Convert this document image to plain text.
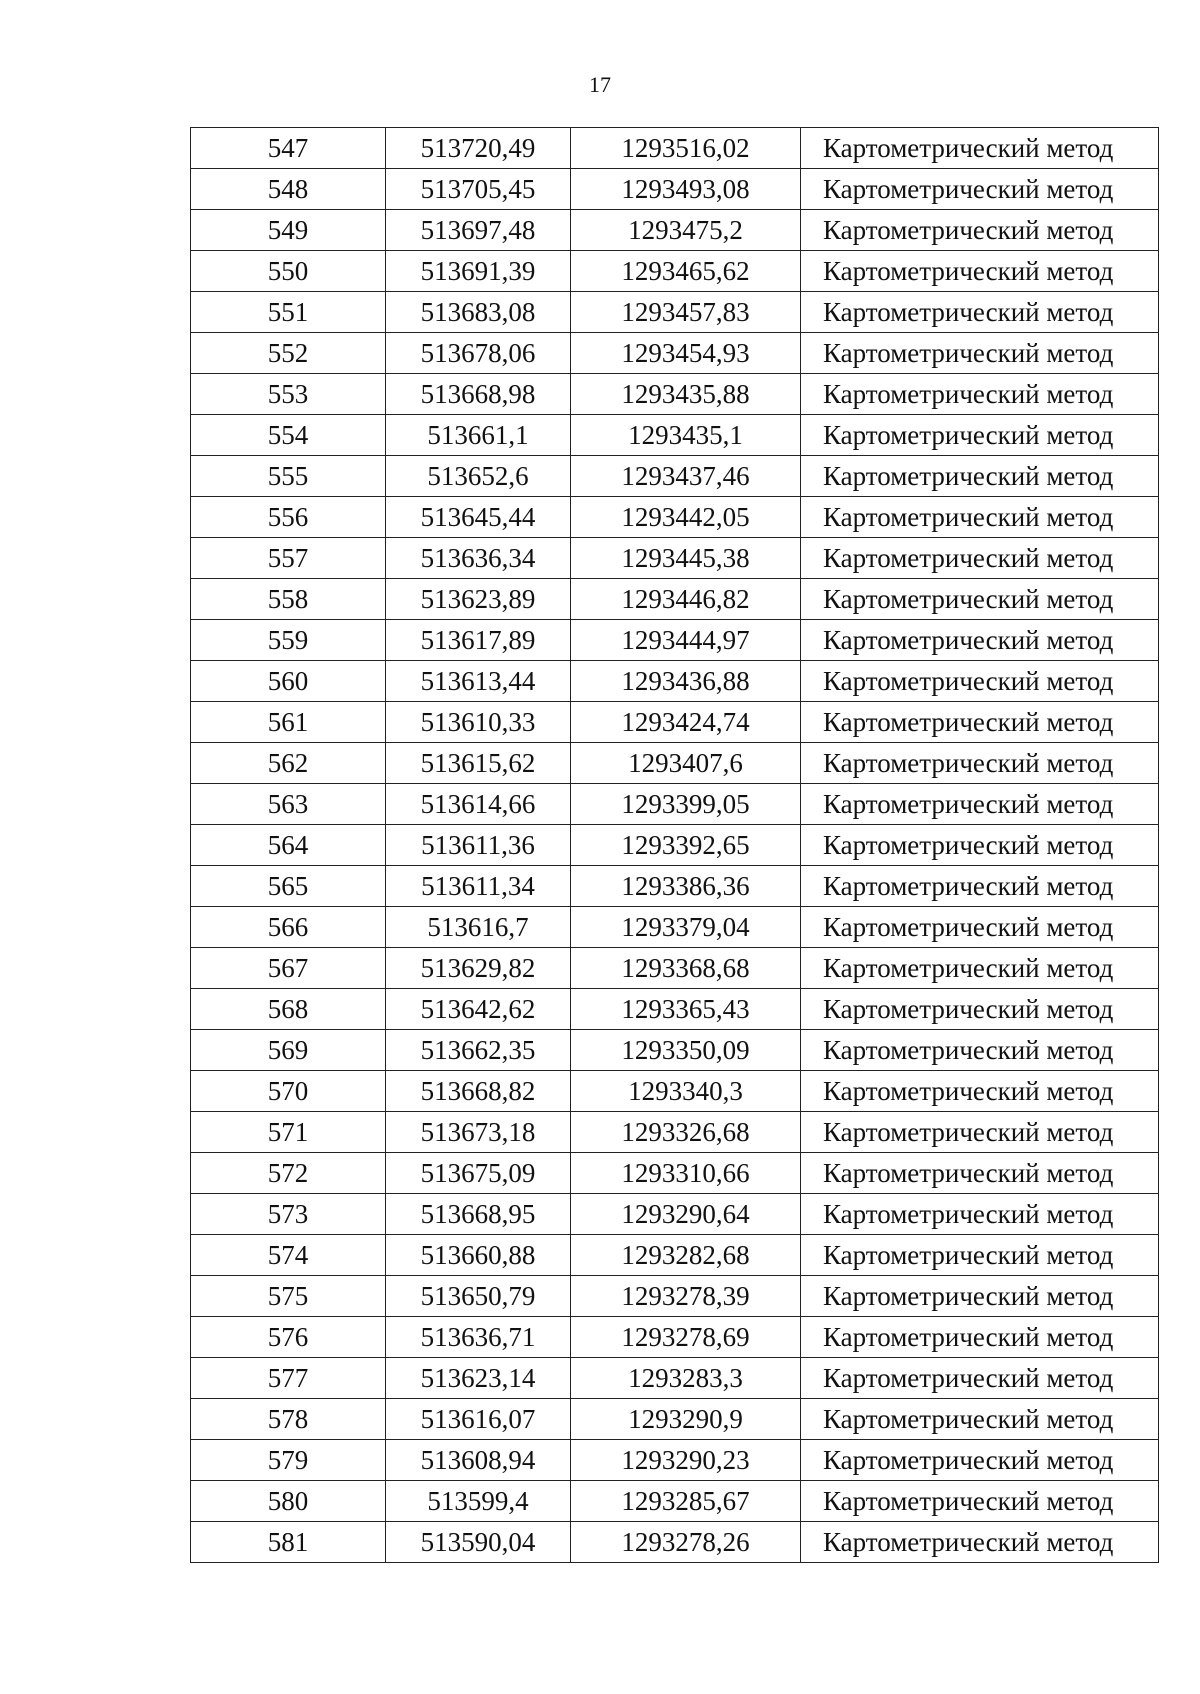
17
547	513720,49	1293516,02	Картометрический метод
548	513705,45	1293493,08	Картометрический метод
549	513697,48	1293475,2	Картометрический метод
550	513691,39	1293465,62	Картометрический метод
551	513683,08	1293457,83	Картометрический метод
552	513678,06	1293454,93	Картометрический метод
553	513668,98	1293435,88	Картометрический метод
554	513661,1	1293435,1	Картометрический метод
555	513652,6	1293437,46	Картометрический метод
556	513645,44	1293442,05	Картометрический метод
557	513636,34	1293445,38	Картометрический метод
558	513623,89	1293446,82	Картометрический метод
559	513617,89	1293444,97	Картометрический метод
560	513613,44	1293436,88	Картометрический метод
561	513610,33	1293424,74	Картометрический метод
562	513615,62	1293407,6	Картометрический метод
563	513614,66	1293399,05	Картометрический метод
564	513611,36	1293392,65	Картометрический метод
565	513611,34	1293386,36	Картометрический метод
566	513616,7	1293379,04	Картометрический метод
567	513629,82	1293368,68	Картометрический метод
568	513642,62	1293365,43	Картометрический метод
569	513662,35	1293350,09	Картометрический метод
570	513668,82	1293340,3	Картометрический метод
571	513673,18	1293326,68	Картометрический метод
572	513675,09	1293310,66	Картометрический метод
573	513668,95	1293290,64	Картометрический метод
574	513660,88	1293282,68	Картометрический метод
575	513650,79	1293278,39	Картометрический метод
576	513636,71	1293278,69	Картометрический метод
577	513623,14	1293283,3	Картометрический метод
578	513616,07	1293290,9	Картометрический метод
579	513608,94	1293290,23	Картометрический метод
580	513599,4	1293285,67	Картометрический метод
581	513590,04	1293278,26	Картометрический метод
